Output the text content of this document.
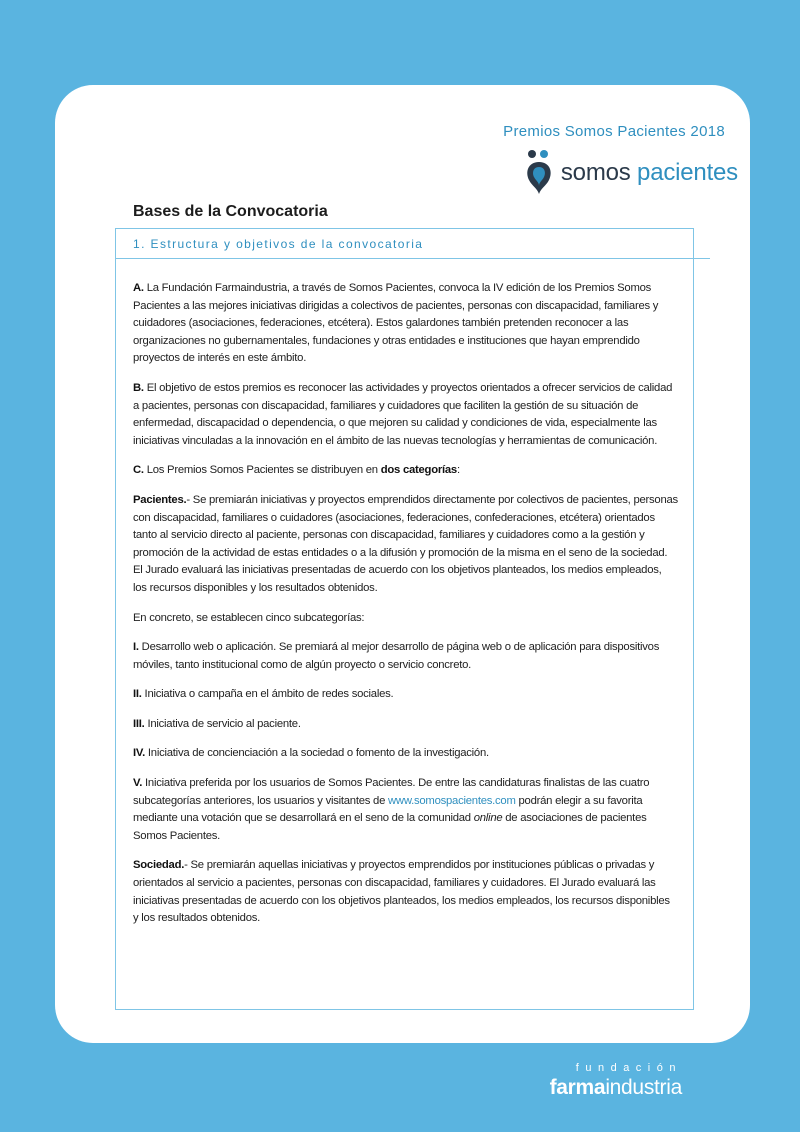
Premios Somos Pacientes 2018
somos pacientes
Bases de la Convocatoria
1. Estructura y objetivos de la convocatoria

A. La Fundación Farmaindustria, a través de Somos Pacientes, convoca la IV edición de los Premios Somos Pacientes a las mejores iniciativas dirigidas a colectivos de pacientes, personas con discapacidad, familiares y cuidadores (asociaciones, federaciones, etcétera). Estos galardones también pretenden reconocer a las organizaciones no gubernamentales, fundaciones y otras entidades e instituciones que hayan emprendido proyectos de interés en este ámbito.

B. El objetivo de estos premios es reconocer las actividades y proyectos orientados a ofrecer servicios de calidad a pacientes, personas con discapacidad, familiares y cuidadores que faciliten la gestión de su situación de enfermedad, discapacidad o dependencia, o que mejoren su calidad y condiciones de vida, especialmente las iniciativas vinculadas a la innovación en el ámbito de las nuevas tecnologías y herramientas de comunicación.

C. Los Premios Somos Pacientes se distribuyen en dos categorías:

Pacientes.- Se premiarán iniciativas y proyectos emprendidos directamente por colectivos de pacientes, personas con discapacidad, familiares o cuidadores (asociaciones, federaciones, confederaciones, etcétera) orientados tanto al servicio directo al paciente, personas con discapacidad, familiares y cuidadores como a la gestión y promoción de la actividad de estas entidades o a la difusión y promoción de la misma en el seno de la sociedad. El Jurado evaluará las iniciativas presentadas de acuerdo con los objetivos planteados, los medios empleados, los recursos disponibles y los resultados obtenidos.

En concreto, se establecen cinco subcategorías:

I. Desarrollo web o aplicación. Se premiará al mejor desarrollo de página web o de aplicación para dispositivos móviles, tanto institucional como de algún proyecto o servicio concreto.

II. Iniciativa o campaña en el ámbito de redes sociales.

III. Iniciativa de servicio al paciente.

IV. Iniciativa de concienciación a la sociedad o fomento de la investigación.

V. Iniciativa preferida por los usuarios de Somos Pacientes. De entre las candidaturas finalistas de las cuatro subcategorías anteriores, los usuarios y visitantes de www.somospacientes.com podrán elegir a su favorita mediante una votación que se desarrollará en el seno de la comunidad online de asociaciones de pacientes Somos Pacientes.

Sociedad.- Se premiarán aquellas iniciativas y proyectos emprendidos por instituciones públicas o privadas y orientados al servicio a pacientes, personas con discapacidad, familiares y cuidadores. El Jurado evaluará las iniciativas presentadas de acuerdo con los objetivos planteados, los medios empleados, los recursos disponibles y los resultados obtenidos.

fundación
farmaindustria
